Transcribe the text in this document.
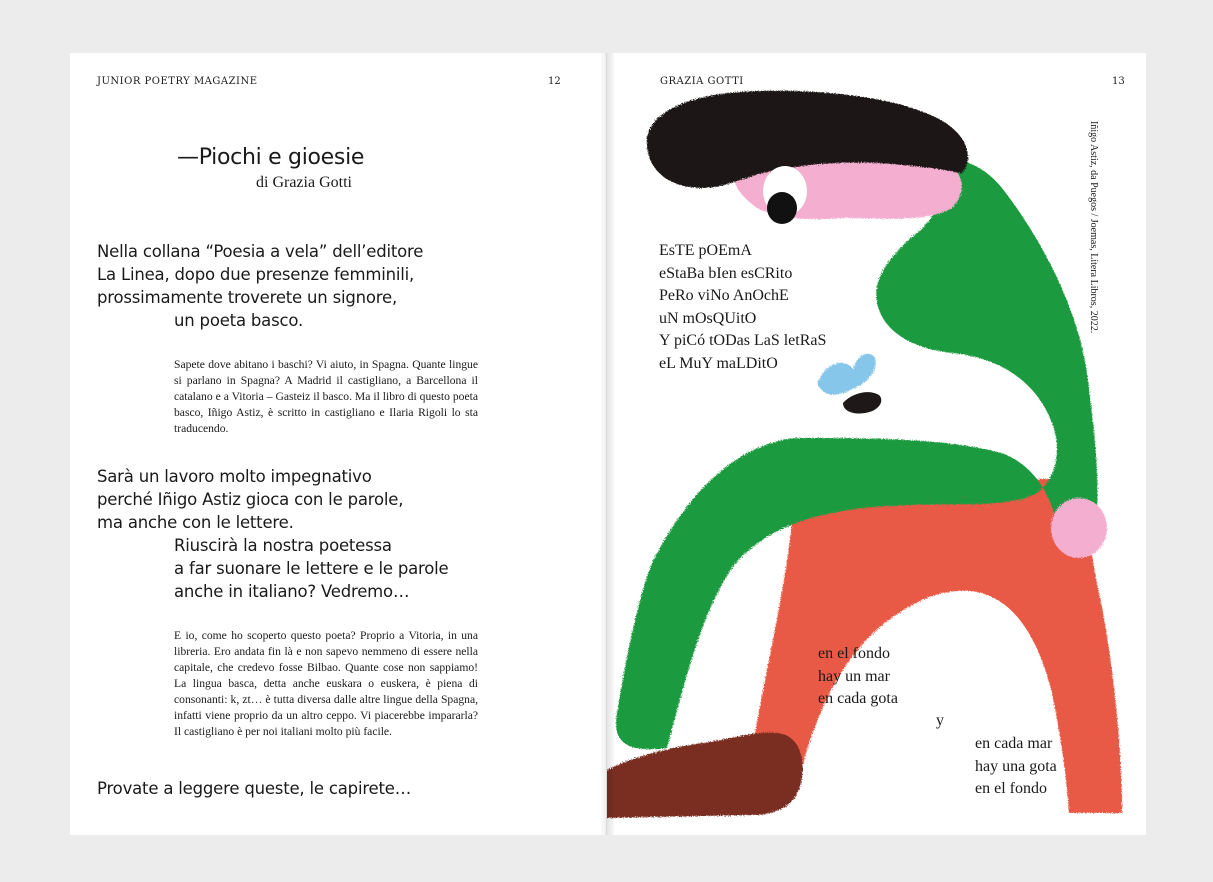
JUNIOR POETRY MAGAZINE	12
—Piochi e gioesie
di Grazia Gotti
Nella collana “Poesia a vela” dell’editore
La Linea, dopo due presenze femminili,
prossimamente troverete un signore,
un poeta basco.
Sapete dove abitano i baschi? Vi aiuto, in Spagna. Quante lingue si parlano in Spagna? A Madrid il castigliano, a Barcellona il catalano e a Vitoria – Gasteiz il basco. Ma il libro di questo poeta basco, Iñigo Astiz, è scritto in castigliano e Ilaria Rigoli lo sta traducendo.
Sarà un lavoro molto impegnativo
perché Iñigo Astiz gioca con le parole,
ma anche con le lettere.
Riuscirà la nostra poetessa
a far suonare le lettere e le parole
anche in italiano? Vedremo…
E io, come ho scoperto questo poeta? Proprio a Vitoria, in una libreria. Ero andata fin là e non sapevo nemmeno di essere nella capitale, che credevo fosse Bilbao. Quante cose non sappiamo! La lingua basca, detta anche euskara o euskera, è piena di consonanti: k, zt… è tutta diversa dalle altre lingue della Spagna, infatti viene proprio da un altro ceppo. Vi piacerebbe impararla? Il castigliano è per noi italiani molto più facile.
Provate a leggere queste, le capirete…
GRAZIA GOTTI	13
Iñigo Astiz, da Puegos / Joemas, Litera Libros, 2022.
EsTE pOEmA
eStaBa bIen esCRito
PeRo viNo AnOchE
uN mOsQUitO
Y piCó tODas LaS letRaS
eL MuY maLDitO
en el fondo
hay un mar
en cada gota
y
en cada mar
hay una gota
en el fondo
